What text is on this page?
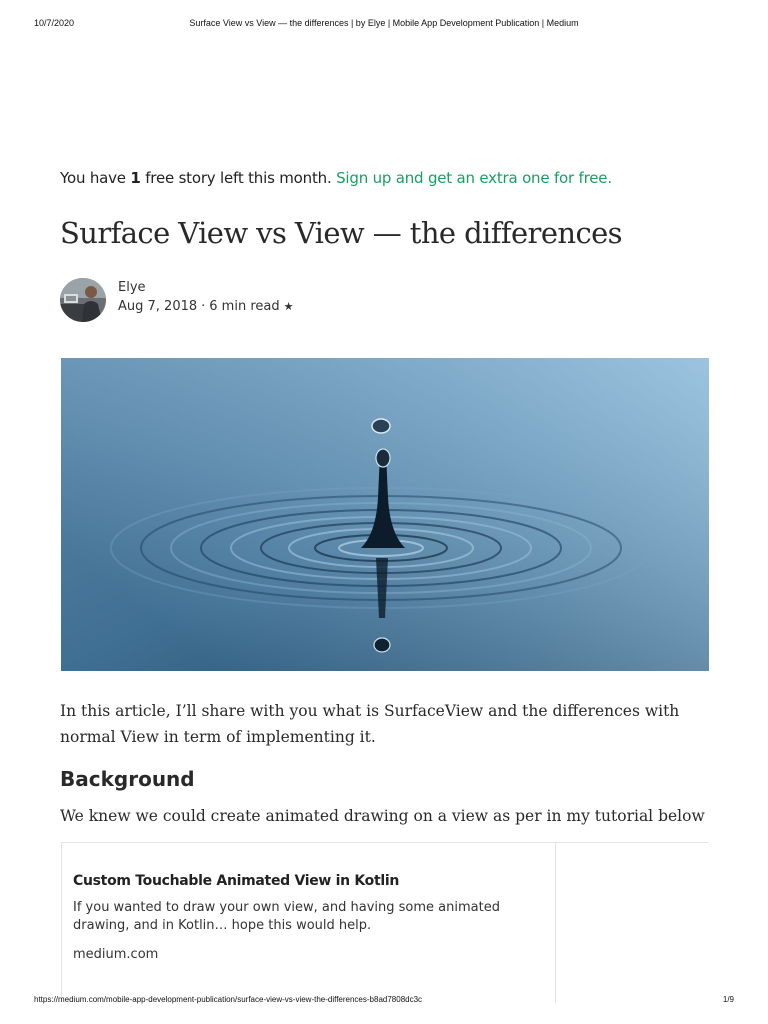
10/7/2020	Surface View vs View — the differences | by Elye | Mobile App Development Publication | Medium
You have 1 free story left this month. Sign up and get an extra one for free.
Surface View vs View — the differences
Elye
Aug 7, 2018 · 6 min read ★

In this article, I’ll share with you what is SurfaceView and the differences with normal View in term of implementing it.

Background

We knew we could create animated drawing on a view as per in my tutorial below

Custom Touchable Animated View in Kotlin
If you wanted to draw your own view, and having some animated drawing, and in Kotlin… hope this would help.
medium.com
https://medium.com/mobile-app-development-publication/surface-view-vs-view-the-differences-b8ad7808dc3c	1/9
